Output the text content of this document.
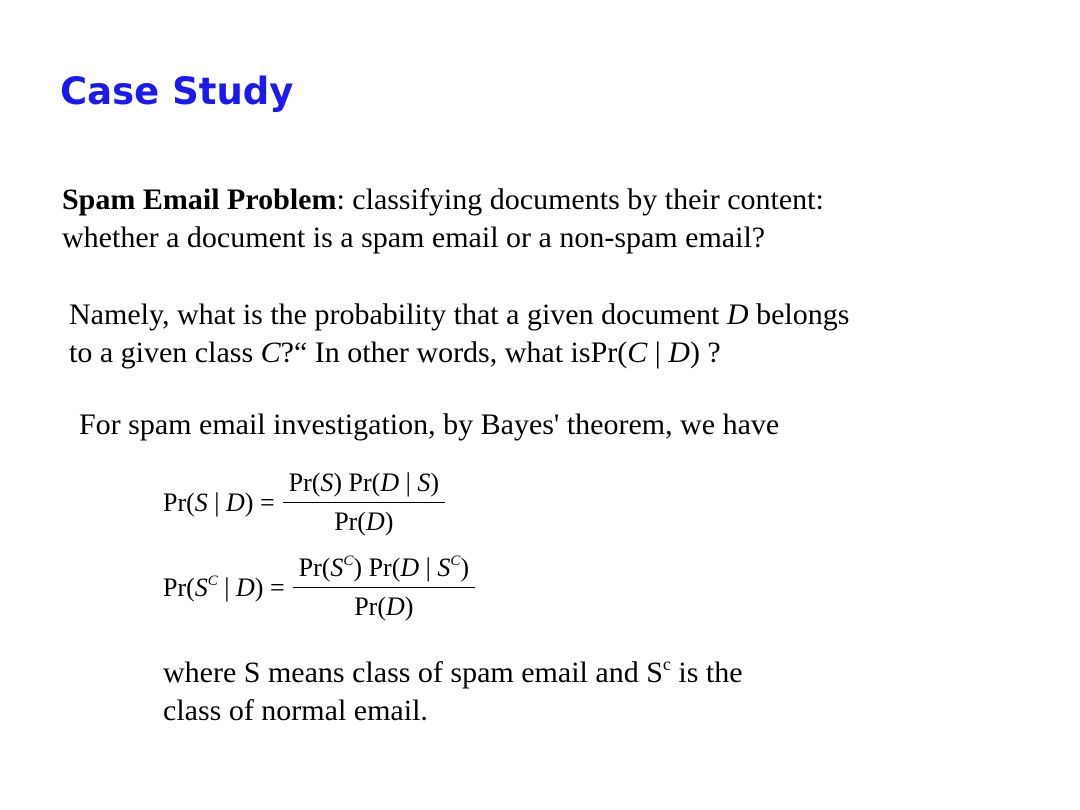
Case Study
Spam Email Problem: classifying documents by their content:
whether a document is a spam email or a non-spam email?
Namely, what is the probability that a given document D belongs
to a given class C?“ In other words, what isPr(C | D) ?
For spam email investigation, by Bayes' theorem, we have
Pr(S | $D) = \frac{Pr(S) Pr(D | S)}{Pr(D)}$
$Pr(S^C$ | $D) = \frac{Pr(S^C) Pr(D | S^C)}{Pr(D)}$
where S means class of spam email and $S^c$ is the
class of normal email.
